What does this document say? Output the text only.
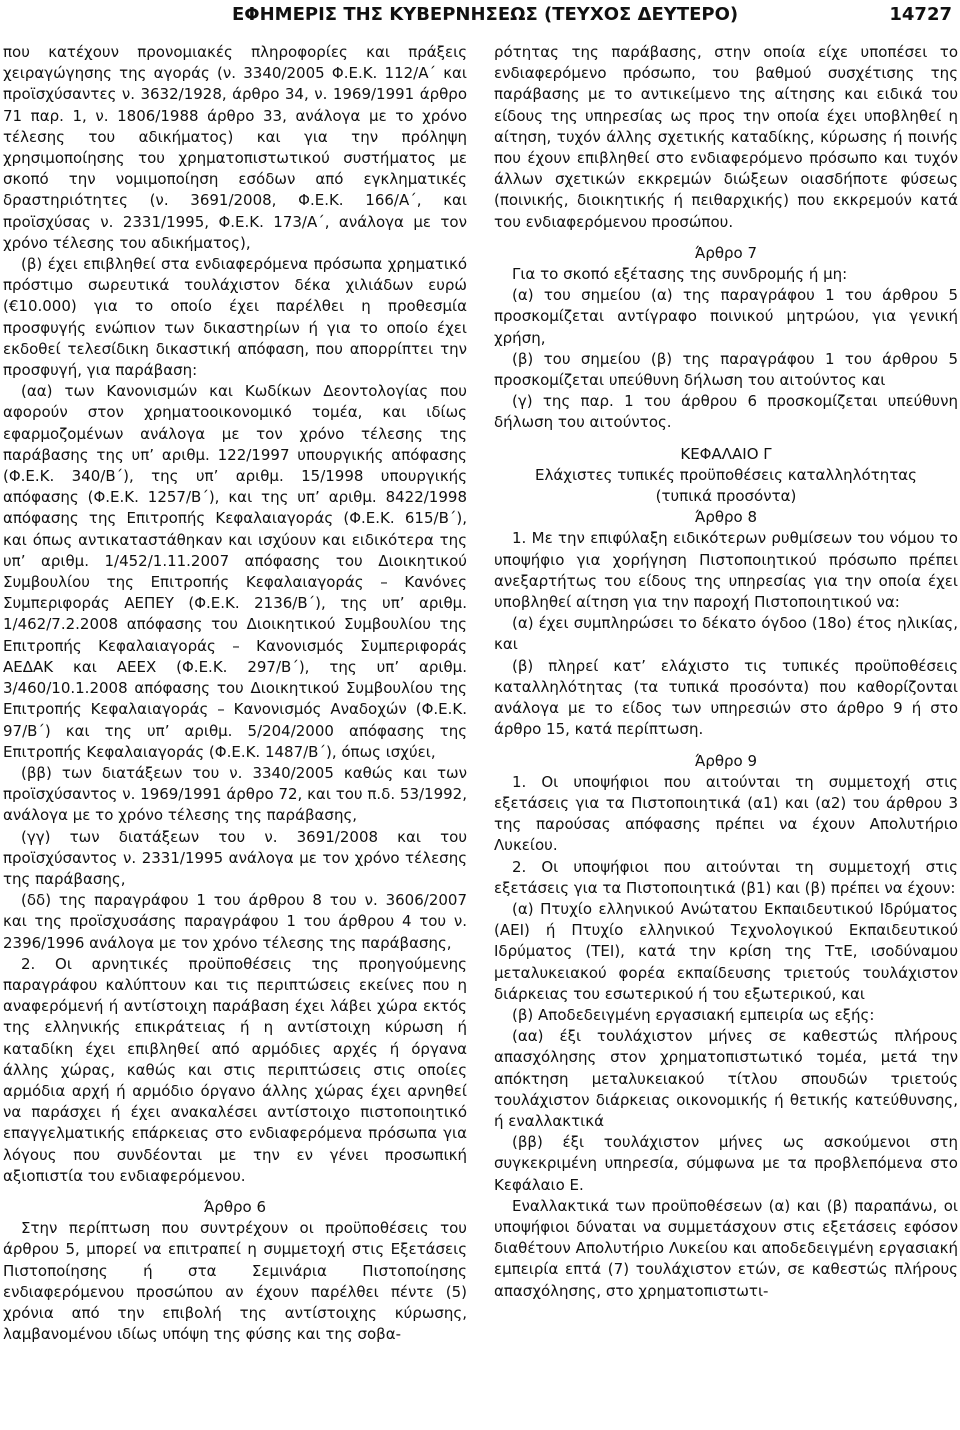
ΕΦΗΜΕΡΙΣ ΤΗΣ ΚΥΒΕΡΝΗΣΕΩΣ (ΤΕΥΧΟΣ ΔΕΥΤΕΡΟ)	14727

που κατέχουν προνομιακές πληροφορίες και πράξεις χειραγώγησης της αγοράς (ν. 3340/2005 Φ.Ε.Κ. 112/Α΄ και προϊσχύσαντες ν. 3632/1928, άρθρο 34, ν. 1969/1991 άρθρο 71 παρ. 1, ν. 1806/1988 άρθρο 33, ανάλογα με το χρόνο τέλεσης του αδικήματος) και για την πρόληψη χρησιμοποίησης του χρηματοπιστωτικού συστήματος με σκοπό την νομιμοποίηση εσόδων από εγκληματικές δραστηριότητες (ν. 3691/2008, Φ.Ε.Κ. 166/Α΄, και προϊσχύσας ν. 2331/1995, Φ.Ε.Κ. 173/Α΄, ανάλογα με τον χρόνο τέλεσης του αδικήματος),

(β) έχει επιβληθεί στα ενδιαφερόμενα πρόσωπα χρηματικό πρόστιμο σωρευτικά τουλάχιστον δέκα χιλιάδων ευρώ (€10.000) για το οποίο έχει παρέλθει η προθεσμία προσφυγής ενώπιον των δικαστηρίων ή για το οποίο έχει εκδοθεί τελεσίδικη δικαστική απόφαση, που απορρίπτει την προσφυγή, για παράβαση:

(αα) των Κανονισμών και Κωδίκων Δεοντολογίας που αφορούν στον χρηματοοικονομικό τομέα, και ιδίως εφαρμοζομένων ανάλογα με τον χρόνο τέλεσης της παράβασης της υπ’ αριθμ. 122/1997 υπουργικής απόφασης (Φ.Ε.Κ. 340/Β΄), της υπ’ αριθμ. 15/1998 υπουργικής απόφασης (Φ.Ε.Κ. 1257/Β΄), και της υπ’ αριθμ. 8422/1998 απόφασης της Επιτροπής Κεφαλαιαγοράς (Φ.Ε.Κ. 615/Β΄), και όπως αντικαταστάθηκαν και ισχύουν και ειδικότερα της υπ’ αριθμ. 1/452/1.11.2007 απόφασης του Διοικητικού Συμβουλίου της Επιτροπής Κεφαλαιαγοράς – Κανόνες Συμπεριφοράς ΑΕΠΕΥ (Φ.Ε.Κ. 2136/Β΄), της υπ’ αριθμ. 1/462/7.2.2008 απόφασης του Διοικητικού Συμβουλίου της Επιτροπής Κεφαλαιαγοράς – Κανονισμός Συμπεριφοράς ΑΕΔΑΚ και ΑΕΕΧ (Φ.Ε.Κ. 297/Β΄), της υπ’ αριθμ. 3/460/10.1.2008 απόφασης του Διοικητικού Συμβουλίου της Επιτροπής Κεφαλαιαγοράς – Κανονισμός Αναδοχών (Φ.Ε.Κ. 97/Β΄) και της υπ’ αριθμ. 5/204/2000 απόφασης της Επιτροπής Κεφαλαιαγοράς (Φ.Ε.Κ. 1487/Β΄), όπως ισχύει,

(ββ) των διατάξεων του ν. 3340/2005 καθώς και των προϊσχύσαντος ν. 1969/1991 άρθρο 72, και του π.δ. 53/1992, ανάλογα με το χρόνο τέλεσης της παράβασης,

(γγ) των διατάξεων του ν. 3691/2008 και του προϊσχύσαντος ν. 2331/1995 ανάλογα με τον χρόνο τέλεσης της παράβασης,

(δδ) της παραγράφου 1 του άρθρου 8 του ν. 3606/2007 και της προϊσχυσάσης παραγράφου 1 του άρθρου 4 του ν. 2396/1996 ανάλογα με τον χρόνο τέλεσης της παράβασης,

2. Οι αρνητικές προϋποθέσεις της προηγούμενης παραγράφου καλύπτουν και τις περιπτώσεις εκείνες που η αναφερόμενή ή αντίστοιχη παράβαση έχει λάβει χώρα εκτός της ελληνικής επικράτειας ή η αντίστοιχη κύρωση ή καταδίκη έχει επιβληθεί από αρμόδιες αρχές ή όργανα άλλης χώρας, καθώς και στις περιπτώσεις στις οποίες αρμόδια αρχή ή αρμόδιο όργανο άλλης χώρας έχει αρνηθεί να παράσχει ή έχει ανακαλέσει αντίστοιχο πιστοποιητικό επαγγελματικής επάρκειας στο ενδιαφερόμενα πρόσωπα για λόγους που συνδέονται με την εν γένει προσωπική αξιοπιστία του ενδιαφερόμενου.

Άρθρο 6

Στην περίπτωση που συντρέχουν οι προϋποθέσεις του άρθρου 5, μπορεί να επιτραπεί η συμμετοχή στις Εξετάσεις Πιστοποίησης ή στα Σεμινάρια Πιστοποίησης ενδιαφερόμενου προσώπου αν έχουν παρέλθει πέντε (5) χρόνια από την επιβολή της αντίστοιχης κύρωσης, λαμβανομένου ιδίως υπόψη της φύσης και της σοβα-

ρότητας της παράβασης, στην οποία είχε υποπέσει το ενδιαφερόμενο πρόσωπο, του βαθμού συσχέτισης της παράβασης με το αντικείμενο της αίτησης και ειδικά του είδους της υπηρεσίας ως προς την οποία έχει υποβληθεί η αίτηση, τυχόν άλλης σχετικής καταδίκης, κύρωσης ή ποινής που έχουν επιβληθεί στο ενδιαφερόμενο πρόσωπο και τυχόν άλλων σχετικών εκκρεμών διώξεων οιασδήποτε φύσεως (ποινικής, διοικητικής ή πειθαρχικής) που εκκρεμούν κατά του ενδιαφερόμενου προσώπου.

Άρθρο 7

Για το σκοπό εξέτασης της συνδρομής ή μη:

(α) του σημείου (α) της παραγράφου 1 του άρθρου 5 προσκομίζεται αντίγραφο ποινικού μητρώου, για γενική χρήση,

(β) του σημείου (β) της παραγράφου 1 του άρθρου 5 προσκομίζεται υπεύθυνη δήλωση του αιτούντος και

(γ) της παρ. 1 του άρθρου 6 προσκομίζεται υπεύθυνη δήλωση του αιτούντος.

ΚΕΦΑΛΑΙΟ Γ

Ελάχιστες τυπικές προϋποθέσεις καταλληλότητας

(τυπικά προσόντα)

Άρθρο 8

1. Με την επιφύλαξη ειδικότερων ρυθμίσεων του νόμου το υποψήφιο για χορήγηση Πιστοποιητικού πρόσωπο πρέπει ανεξαρτήτως του είδους της υπηρεσίας για την οποία έχει υποβληθεί αίτηση για την παροχή Πιστοποιητικού να:

(α) έχει συμπληρώσει το δέκατο όγδοο (18ο) έτος ηλικίας, και

(β) πληρεί κατ’ ελάχιστο τις τυπικές προϋποθέσεις καταλληλότητας (τα τυπικά προσόντα) που καθορίζονται ανάλογα με το είδος των υπηρεσιών στο άρθρο 9 ή στο άρθρο 15, κατά περίπτωση.

Άρθρο 9

1. Οι υποψήφιοι που αιτούνται τη συμμετοχή στις εξετάσεις για τα Πιστοποιητικά (α1) και (α2) του άρθρου 3 της παρούσας απόφασης πρέπει να έχουν Απολυτήριο Λυκείου.

2. Οι υποψήφιοι που αιτούνται τη συμμετοχή στις εξετάσεις για τα Πιστοποιητικά (β1) και (β) πρέπει να έχουν:

(α) Πτυχίο ελληνικού Ανώτατου Εκπαιδευτικού Ιδρύματος (ΑΕΙ) ή Πτυχίο ελληνικού Τεχνολογικού Εκπαιδευτικού Ιδρύματος (ΤΕΙ), κατά την κρίση της ΤτΕ, ισοδύναμου μεταλυκειακού φορέα εκπαίδευσης τριετούς τουλάχιστον διάρκειας του εσωτερικού ή του εξωτερικού, και

(β) Αποδεδειγμένη εργασιακή εμπειρία ως εξής:

(αα) έξι τουλάχιστον μήνες σε καθεστώς πλήρους απασχόλησης στον χρηματοπιστωτικό τομέα, μετά την απόκτηση μεταλυκειακού τίτλου σπουδών τριετούς τουλάχιστον διάρκειας οικονομικής ή θετικής κατεύθυνσης, ή εναλλακτικά

(ββ) έξι τουλάχιστον μήνες ως ασκούμενοι στη συγκεκριμένη υπηρεσία, σύμφωνα με τα προβλεπόμενα στο Κεφάλαιο Ε.

Εναλλακτικά των προϋποθέσεων (α) και (β) παραπάνω, οι υποψήφιοι δύναται να συμμετάσχουν στις εξετάσεις εφόσον διαθέτουν Απολυτήριο Λυκείου και αποδεδειγμένη εργασιακή εμπειρία επτά (7) τουλάχιστον ετών, σε καθεστώς πλήρους απασχόλησης, στο χρηματοπιστωτι-
